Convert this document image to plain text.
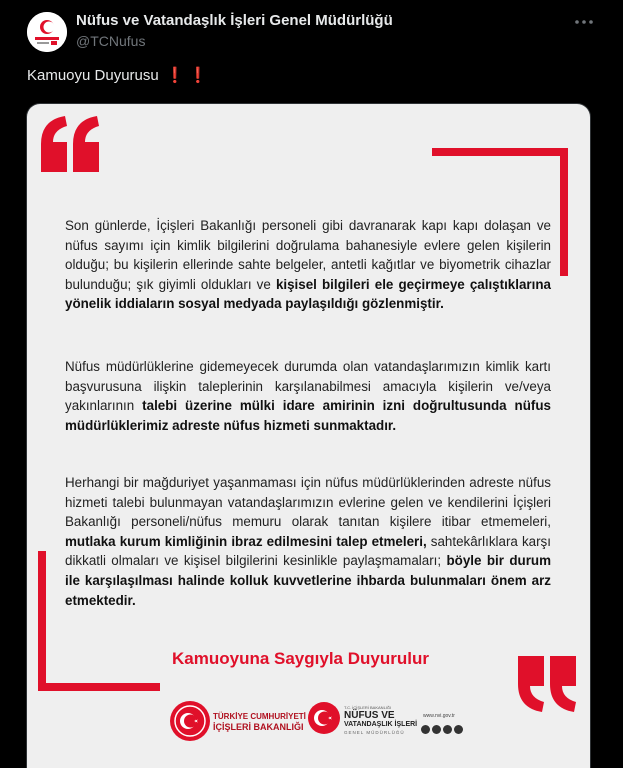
Nüfus ve Vatandaşlık İşleri Genel Müdürlüğü
@TCNufus
Kamuoyu Duyurusu ❗️ ❗️
Son günlerde, İçişleri Bakanlığı personeli gibi davranarak kapı kapı dolaşan ve nüfus sayımı için kimlik bilgilerini doğrulama bahanesiyle evlere gelen kişilerin olduğu; bu kişilerin ellerinde sahte belgeler, antetli kağıtlar ve biyometrik cihazlar bulunduğu; şık giyimli oldukları ve kişisel bilgileri ele geçirmeye çalıştıklarına yönelik iddiaların sosyal medyada paylaşıldığı gözlenmiştir.
Nüfus müdürlüklerine gidemeyecek durumda olan vatandaşlarımızın kimlik kartı başvurusuna ilişkin taleplerinin karşılanabilmesi amacıyla kişilerin ve/veya yakınlarının talebi üzerine mülki idare amirinin izni doğrultusunda nüfus müdürlüklerimiz adreste nüfus hizmeti sunmaktadır.
Herhangi bir mağduriyet yaşanmaması için nüfus müdürlüklerinden adreste nüfus hizmeti talebi bulunmayan vatandaşlarımızın evlerine gelen ve kendilerini İçişleri Bakanlığı personeli/nüfus memuru olarak tanıtan kişilere itibar etmemeleri, mutlaka kurum kimliğinin ibraz edilmesini talep etmeleri, sahtekârlıklara karşı dikkatli olmaları ve kişisel bilgilerini kesinlikle paylaşmamaları; böyle bir durum ile karşılaşılması halinde kolluk kuvvetlerine ihbarda bulunmaları önem arz etmektedir.
Kamuoyuna Saygıyla Duyurulur
TÜRKİYE CUMHURİYETİ
İÇİŞLERİ BAKANLIĞI
T.C. İÇİŞLERİ BAKANLIĞI
NÜFUS VE
VATANDAŞLIK İŞLERİ
GENEL MÜDÜRLÜĞÜ
www.nvi.gov.tr
